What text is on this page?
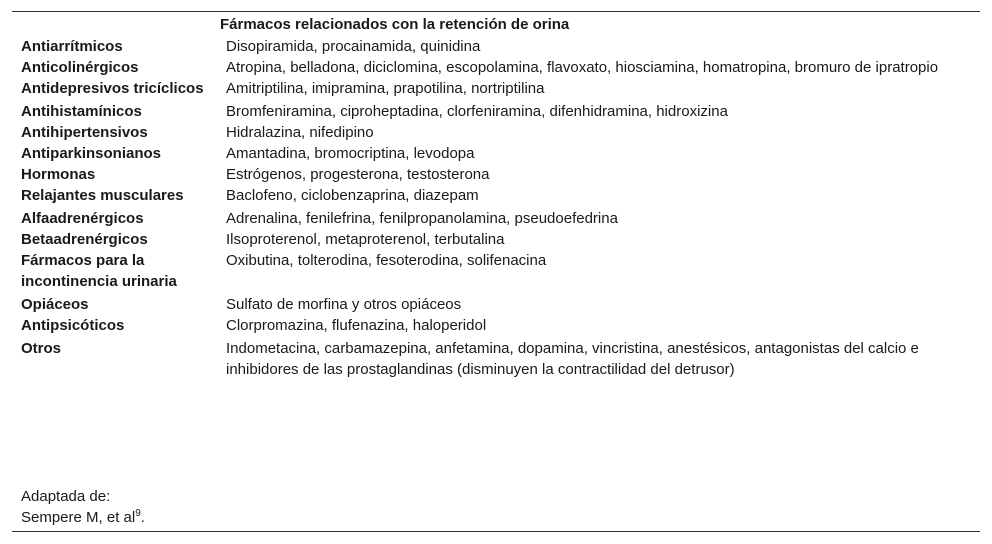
Fármacos relacionados con la retención de orina
Antiarrítmicos	Disopiramida, procainamida, quinidina
Anticolinérgicos	Atropina, belladona, diciclomina, escopolamina, flavoxato, hiosciamina, homatropina, bromuro de ipratropio
Antidepresivos tricíclicos	Amitriptilina, imipramina, prapotilina, nortriptilina
Antihistamínicos	Bromfeniramina, ciproheptadina, clorfeniramina, difenhidramina, hidroxizina
Antihipertensivos	Hidralazina, nifedipino
Antiparkinsonianos	Amantadina, bromocriptina, levodopa
Hormonas	Estrógenos, progesterona, testosterona
Relajantes musculares	Baclofeno, ciclobenzaprina, diazepam
Alfaadrenérgicos	Adrenalina, fenilefrina, fenilpropanolamina, pseudoefedrina
Betaadrenérgicos	Ilsoproterenol, metaproterenol, terbutalina
Fármacos para la incontinencia urinaria	Oxibutina, tolterodina, fesoterodina, solifenacina
Opiáceos	Sulfato de morfina y otros opiáceos
Antipsicóticos	Clorpromazina, flufenazina, haloperidol
Otros	Indometacina, carbamazepina, anfetamina, dopamina, vincristina, anestésicos, antagonistas del calcio e inhibidores de las prostaglandinas (disminuyen la contractilidad del detrusor)
Adaptada de:
Sempere M, et $al^9$.
